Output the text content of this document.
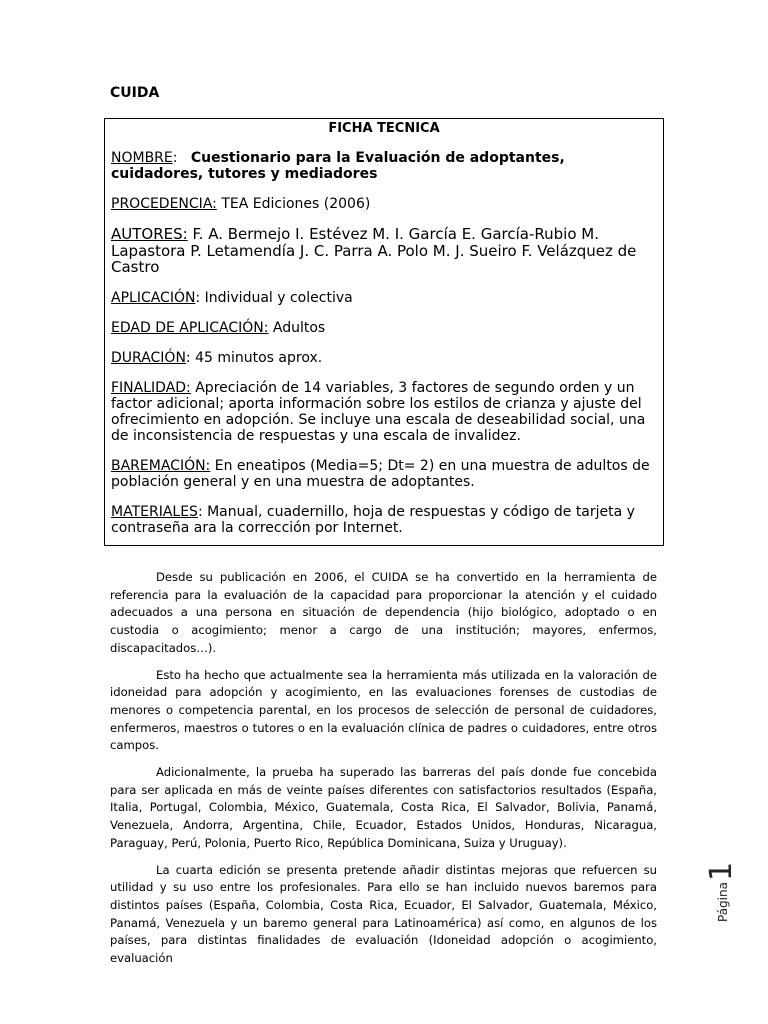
CUIDA
FICHA TECNICA
NOMBRE: Cuestionario para la Evaluación de adoptantes, cuidadores, tutores y mediadores
PROCEDENCIA: TEA Ediciones (2006)
AUTORES: F. A. Bermejo I. Estévez M. I. García E. García-Rubio M. Lapastora P. Letamendía J. C. Parra A. Polo M. J. Sueiro F. Velázquez de Castro
APLICACIÓN: Individual y colectiva
EDAD DE APLICACIÓN: Adultos
DURACIÓN: 45 minutos aprox.
FINALIDAD: Apreciación de 14 variables, 3 factores de segundo orden y un factor adicional; aporta información sobre los estilos de crianza y ajuste del ofrecimiento en adopción. Se incluye una escala de deseabilidad social, una de inconsistencia de respuestas y una escala de invalidez.
BAREMACIÓN: En eneatipos (Media=5; Dt= 2) en una muestra de adultos de población general y en una muestra de adoptantes.
MATERIALES: Manual, cuadernillo, hoja de respuestas y código de tarjeta y contraseña ara la corrección por Internet.

Desde su publicación en 2006, el CUIDA se ha convertido en la herramienta de referencia para la evaluación de la capacidad para proporcionar la atención y el cuidado adecuados a una persona en situación de dependencia (hijo biológico, adoptado o en custodia o acogimiento; menor a cargo de una institución; mayores, enfermos, discapacitados…).

Esto ha hecho que actualmente sea la herramienta más utilizada en la valoración de idoneidad para adopción y acogimiento, en las evaluaciones forenses de custodias de menores o competencia parental, en los procesos de selección de personal de cuidadores, enfermeros, maestros o tutores o en la evaluación clínica de padres o cuidadores, entre otros campos.

Adicionalmente, la prueba ha superado las barreras del país donde fue concebida para ser aplicada en más de veinte países diferentes con satisfactorios resultados (España, Italia, Portugal, Colombia, México, Guatemala, Costa Rica, El Salvador, Bolivia, Panamá, Venezuela, Andorra, Argentina, Chile, Ecuador, Estados Unidos, Honduras, Nicaragua, Paraguay, Perú, Polonia, Puerto Rico, República Dominicana, Suiza y Uruguay).

La cuarta edición se presenta pretende añadir distintas mejoras que refuercen su utilidad y su uso entre los profesionales. Para ello se han incluido nuevos baremos para distintos países (España, Colombia, Costa Rica, Ecuador, El Salvador, Guatemala, México, Panamá, Venezuela y un baremo general para Latinoamérica) así como, en algunos de los países, para distintas finalidades de evaluación (Idoneidad adopción o acogimiento, evaluación

Página1
